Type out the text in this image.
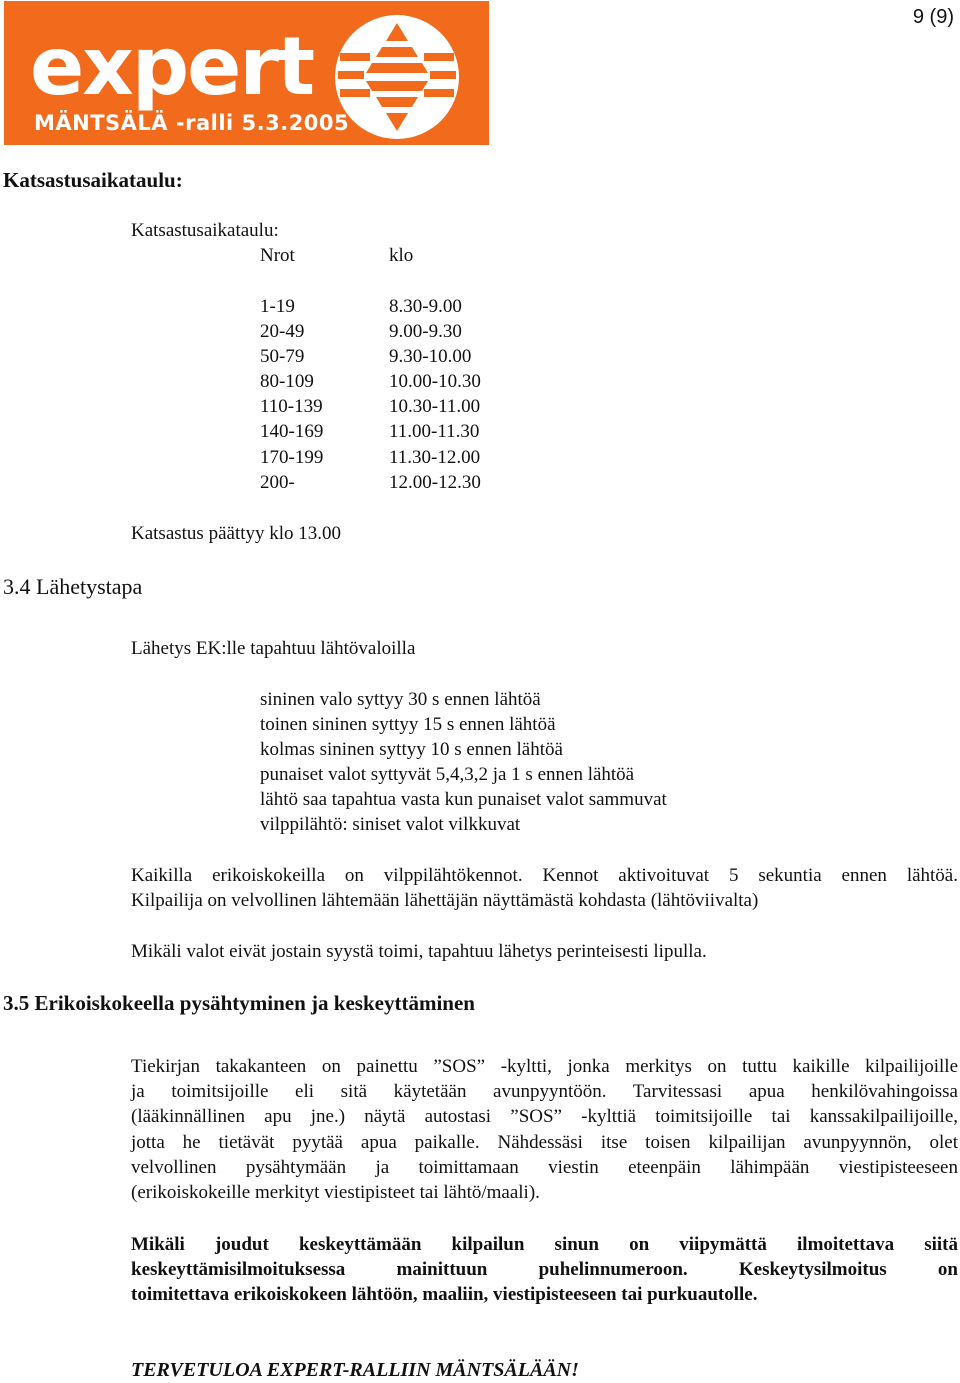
9 (9)
expert
MÄNTSÄLÄ -ralli 5.3.2005
Katsastusaikataulu:
Katsastusaikataulu:
Nrot	klo
1-19	8.30-9.00
20-49	9.00-9.30
50-79	9.30-10.00
80-109	10.00-10.30
110-139	10.30-11.00
140-169	11.00-11.30
170-199	11.30-12.00
200-	12.00-12.30
Katsastus päättyy klo 13.00
3.4 Lähetystapa
Lähetys EK:lle tapahtuu lähtövaloilla
sininen valo syttyy 30 s ennen lähtöä
toinen sininen syttyy 15 s ennen lähtöä
kolmas sininen syttyy 10 s ennen lähtöä
punaiset valot syttyvät 5,4,3,2 ja 1 s ennen lähtöä
lähtö saa tapahtua vasta kun punaiset valot sammuvat
vilppilähtö: siniset valot vilkkuvat
Kaikilla erikoiskokeilla on vilppilähtökennot. Kennot aktivoituvat 5 sekuntia ennen lähtöä.
Kilpailija on velvollinen lähtemään lähettäjän näyttämästä kohdasta (lähtöviivalta)
Mikäli valot eivät jostain syystä toimi, tapahtuu lähetys perinteisesti lipulla.
3.5 Erikoiskokeella pysähtyminen ja keskeyttäminen
Tiekirjan takakanteen on painettu ”SOS” -kyltti, jonka merkitys on tuttu kaikille kilpailijoille
ja toimitsijoille eli sitä käytetään avunpyyntöön. Tarvitessasi apua henkilövahingoissa
(lääkinnällinen apu jne.) näytä autostasi ”SOS” -kylttiä toimitsijoille tai kanssakilpailijoille,
jotta he tietävät pyytää apua paikalle. Nähdessäsi itse toisen kilpailijan avunpyynnön, olet
velvollinen pysähtymään ja toimittamaan viestin eteenpäin lähimpään viestipisteeseen
(erikoiskokeille merkityt viestipisteet tai lähtö/maali).
Mikäli joudut keskeyttämään kilpailun sinun on viipymättä ilmoitettava siitä
keskeyttämisilmoituksessa mainittuun puhelinnumeroon. Keskeytysilmoitus on
toimitettava erikoiskokeen lähtöön, maaliin, viestipisteeseen tai purkuautolle.
TERVETULOA EXPERT-RALLIIN MÄNTSÄLÄÄN!
